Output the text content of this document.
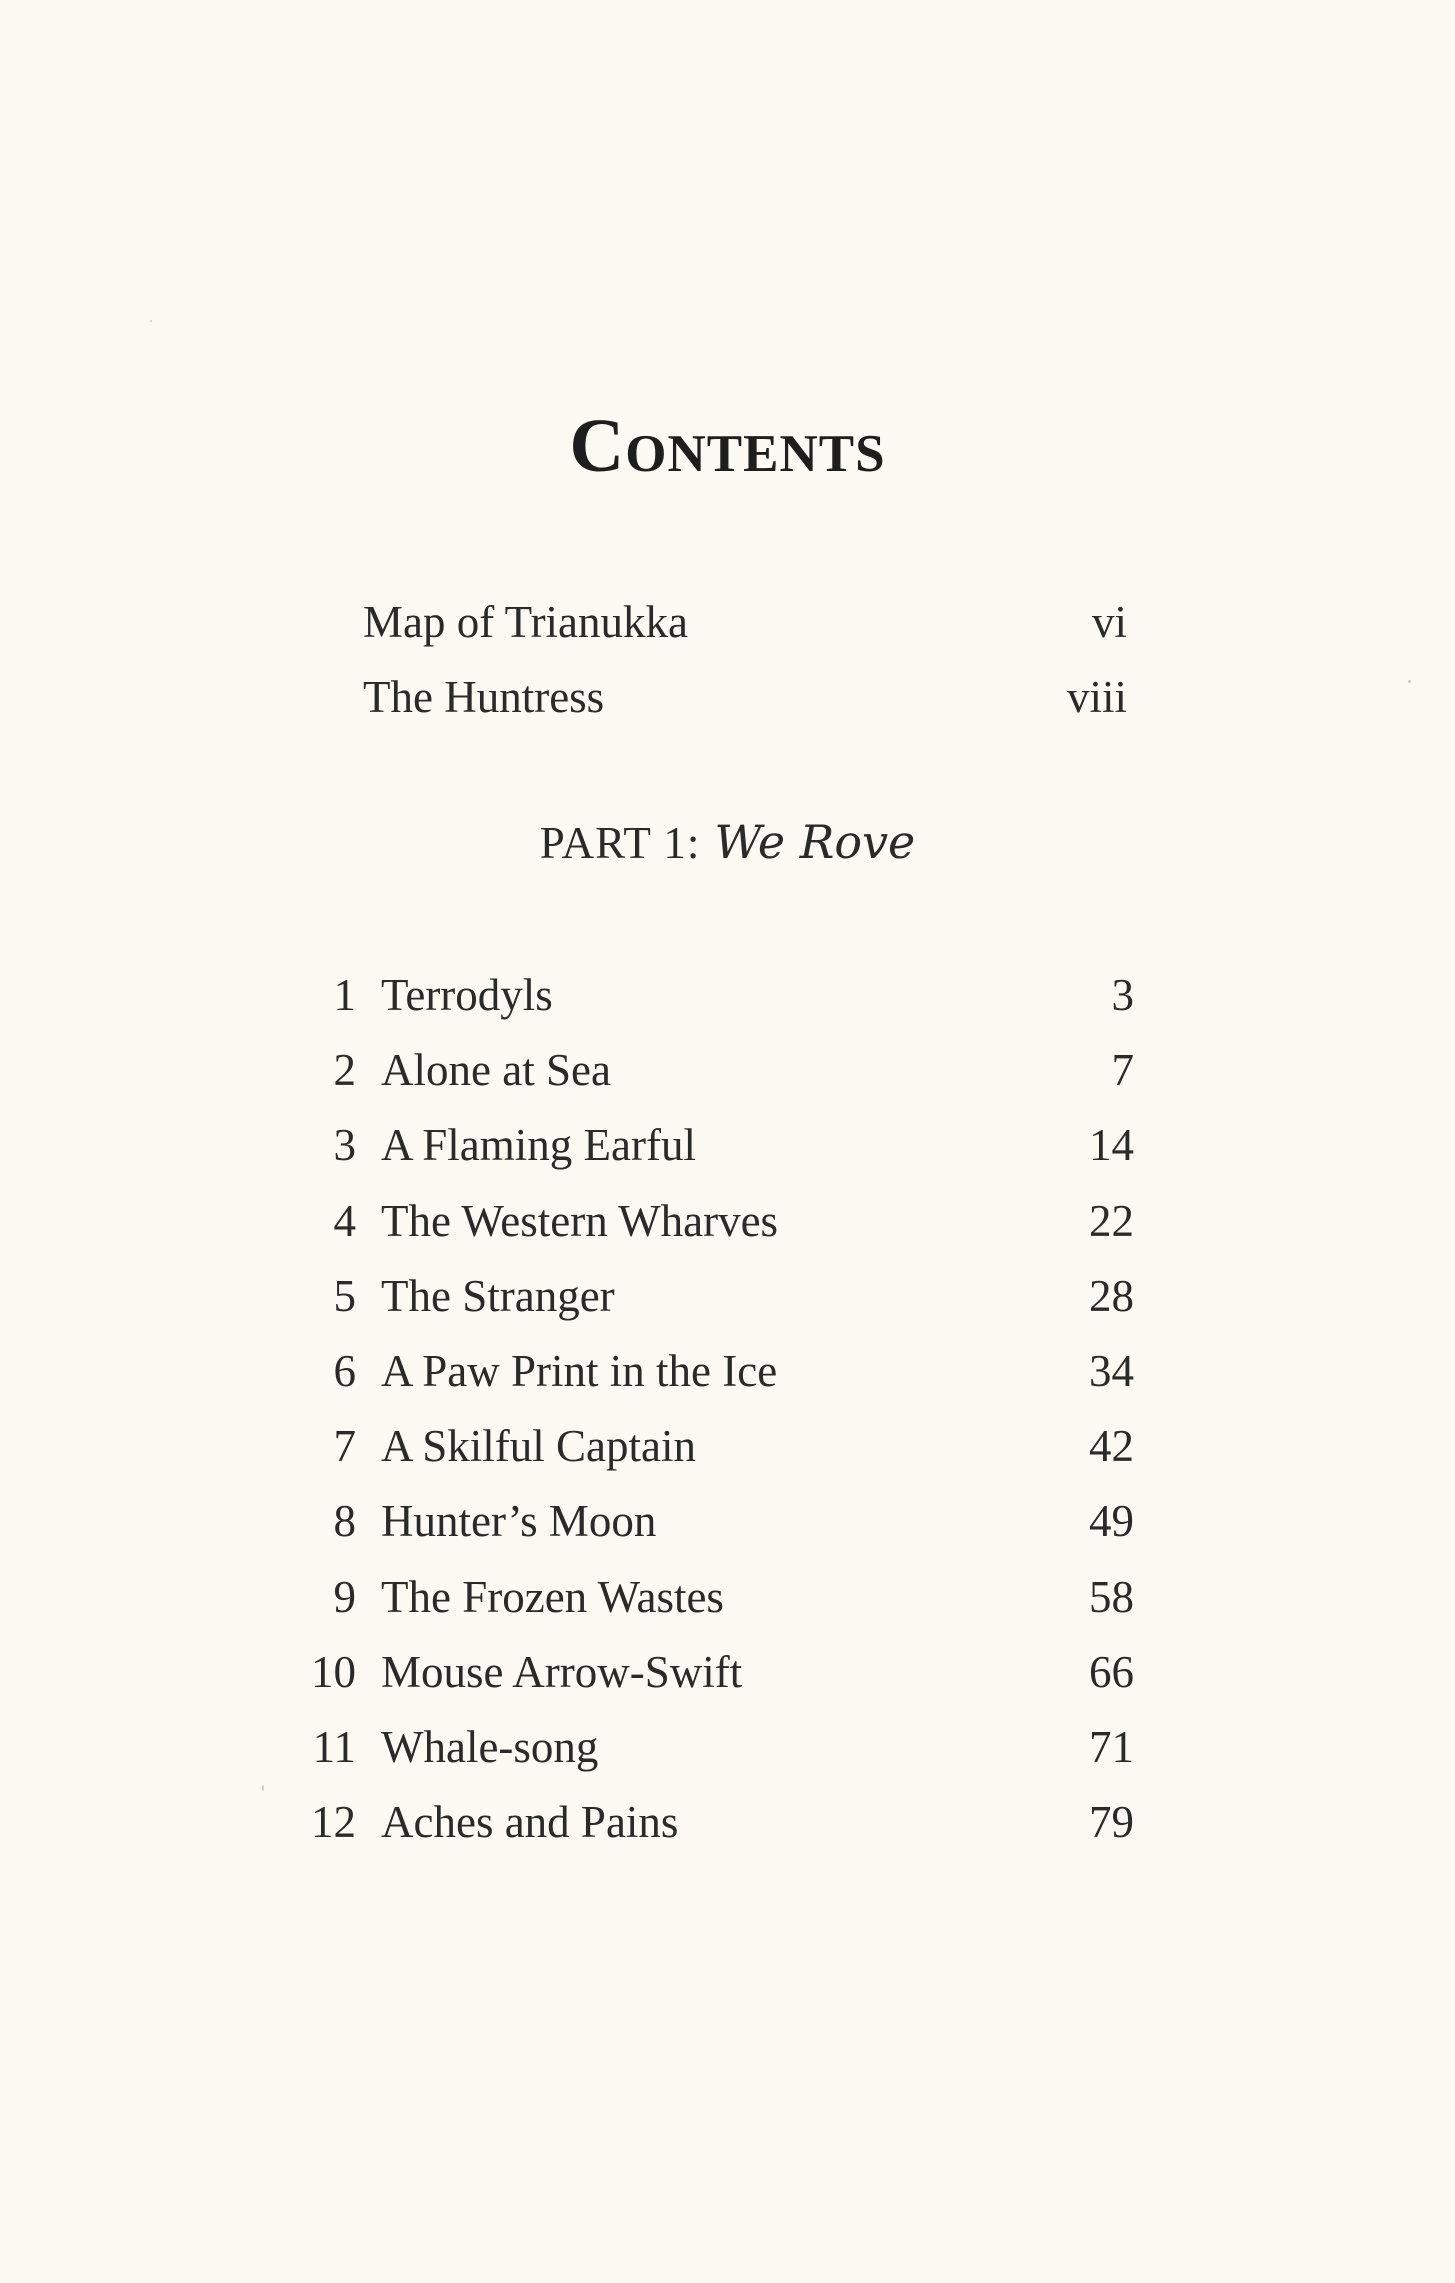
Contents
Map of Trianukka	vi
The Huntress	viii
PART 1: We Rove
1 Terrodyls	3
2 Alone at Sea	7
3 A Flaming Earful	14
4 The Western Wharves	22
5 The Stranger	28
6 A Paw Print in the Ice	34
7 A Skilful Captain	42
8 Hunter’s Moon	49
9 The Frozen Wastes	58
10 Mouse Arrow-Swift	66
11 Whale-song	71
12 Aches and Pains	79
